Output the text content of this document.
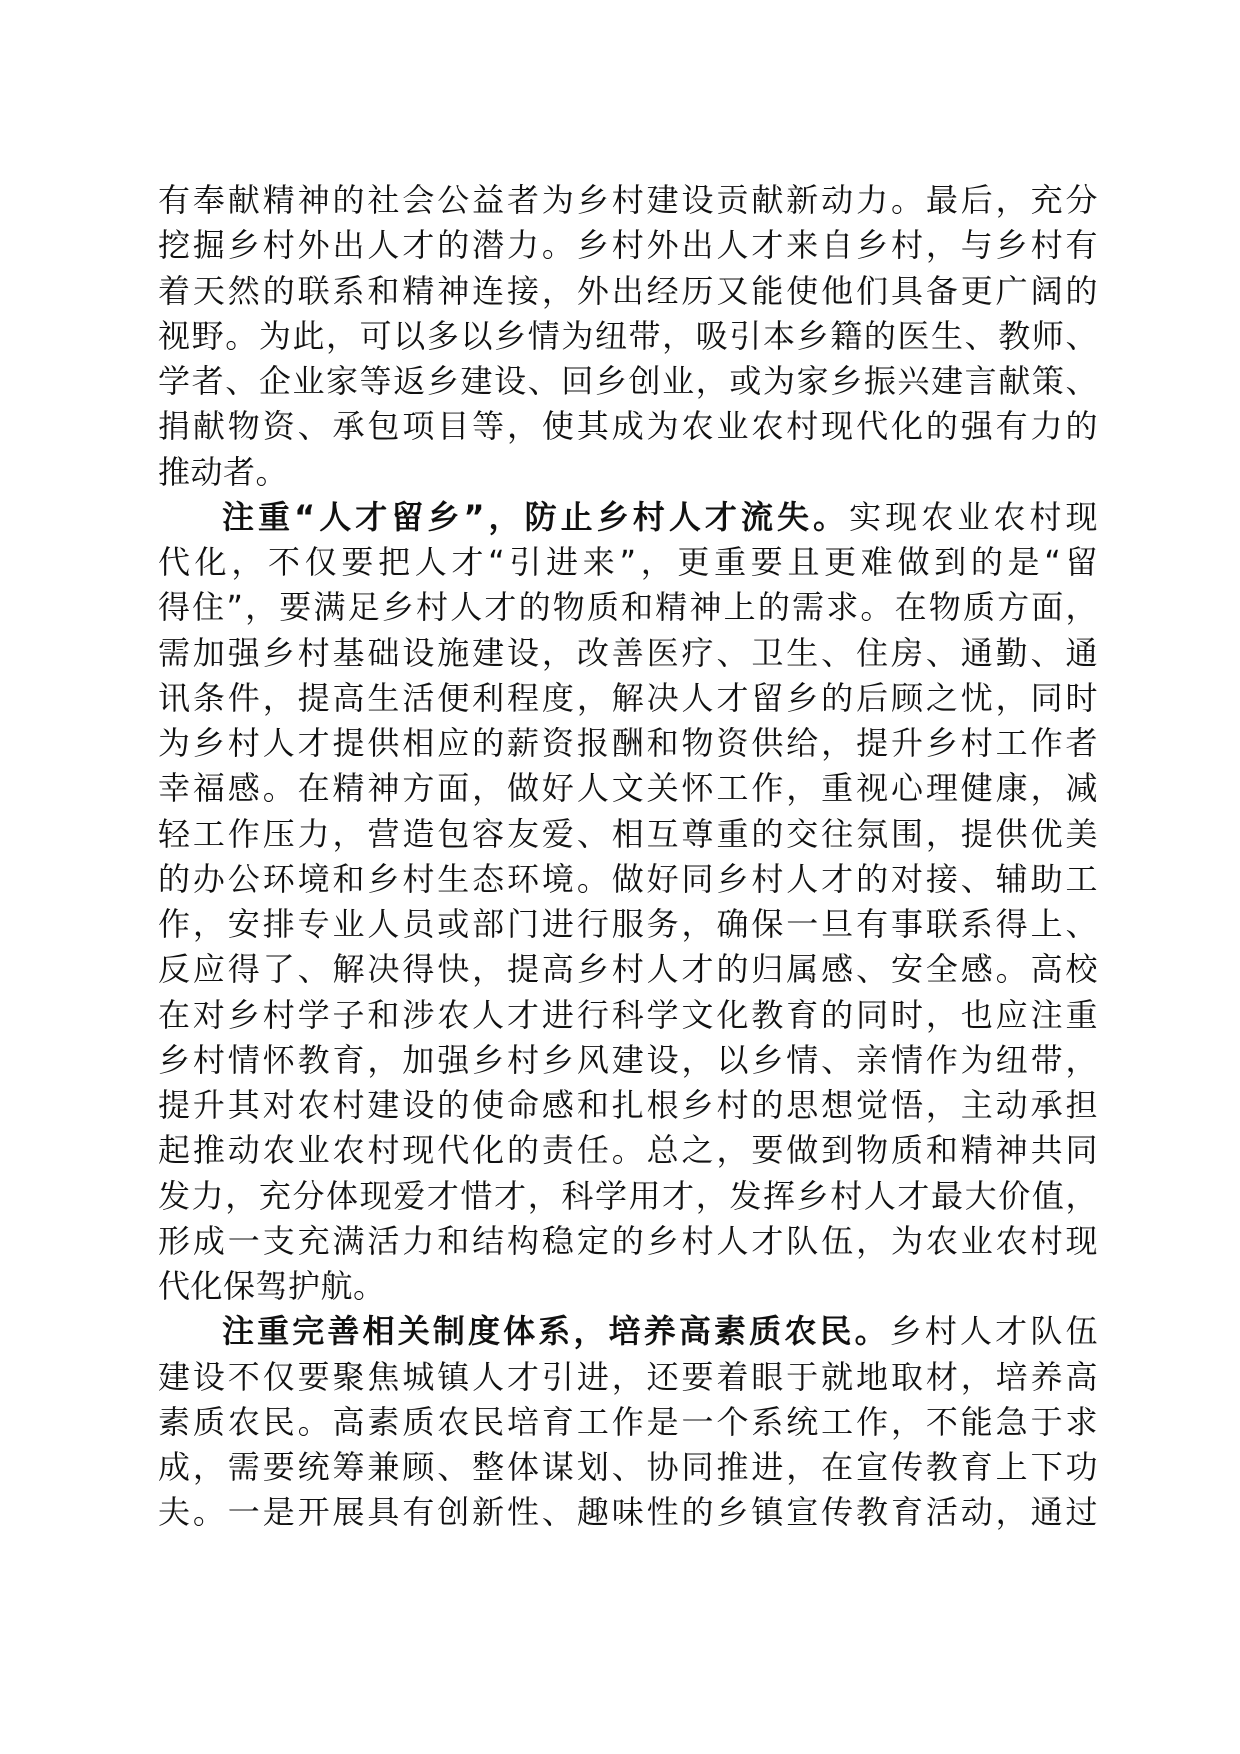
有奉献精神的社会公益者为乡村建设贡献新动力。最后，充分
挖掘乡村外出人才的潜力。乡村外出人才来自乡村，与乡村有
着天然的联系和精神连接，外出经历又能使他们具备更广阔的
视野。为此，可以多以乡情为纽带，吸引本乡籍的医生、教师、
学者、企业家等返乡建设、回乡创业，或为家乡振兴建言献策、
捐献物资、承包项目等，使其成为农业农村现代化的强有力的
推动者。
注重“人才留乡”，防止乡村人才流失。实现农业农村现
代化，不仅要把人才“引进来”，更重要且更难做到的是“留
得住”，要满足乡村人才的物质和精神上的需求。在物质方面，
需加强乡村基础设施建设，改善医疗、卫生、住房、通勤、通
讯条件，提高生活便利程度，解决人才留乡的后顾之忧，同时
为乡村人才提供相应的薪资报酬和物资供给，提升乡村工作者
幸福感。在精神方面，做好人文关怀工作，重视心理健康，减
轻工作压力，营造包容友爱、相互尊重的交往氛围，提供优美
的办公环境和乡村生态环境。做好同乡村人才的对接、辅助工
作，安排专业人员或部门进行服务，确保一旦有事联系得上、
反应得了、解决得快，提高乡村人才的归属感、安全感。高校
在对乡村学子和涉农人才进行科学文化教育的同时，也应注重
乡村情怀教育，加强乡村乡风建设，以乡情、亲情作为纽带，
提升其对农村建设的使命感和扎根乡村的思想觉悟，主动承担
起推动农业农村现代化的责任。总之，要做到物质和精神共同
发力，充分体现爱才惜才，科学用才，发挥乡村人才最大价值，
形成一支充满活力和结构稳定的乡村人才队伍，为农业农村现
代化保驾护航。
注重完善相关制度体系，培养高素质农民。乡村人才队伍
建设不仅要聚焦城镇人才引进，还要着眼于就地取材，培养高
素质农民。高素质农民培育工作是一个系统工作，不能急于求
成，需要统筹兼顾、整体谋划、协同推进，在宣传教育上下功
夫。一是开展具有创新性、趣味性的乡镇宣传教育活动，通过
